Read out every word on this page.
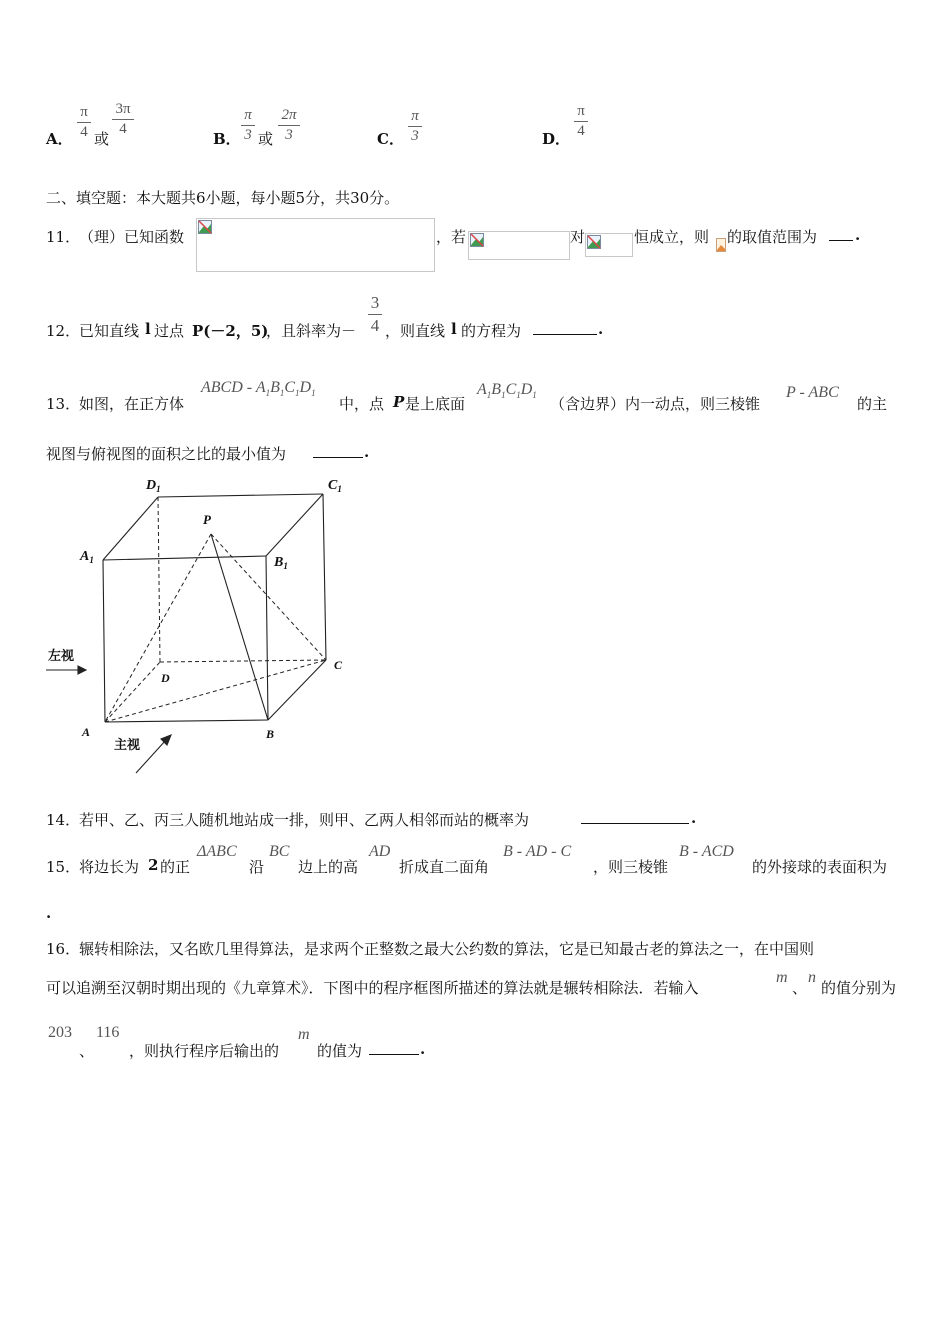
A．
π
4 或
3π
4
B．
π
3 或
2π
3	C．
π
3	D．
π
4
二、填空题：本大题共6小题，每小题5分，共30分。
11．
（理）已知函数	，若	对	恒成立，则 的取值范围为	.
12．
已知直线 l 过点 P(－2，5)
，且斜率为－
3
4 ，则直线 l 的方程为	.
13．
如图，在正方体
ABCD - $A_1B_1C_1D_1$
中，点 P 是上底面
$A_1B_1C_1D_1$ （含边界）内一动点，则三棱锥
P - ABC
的主
视图与俯视图的面积之比的最小值为	.
$D_1$	$C_1$
$A_1$	$B_1$
P
D
C
A	B
左视
主视
14．
若甲、乙、丙三人随机地站成一排，则甲、乙两人相邻而站的概率为	.
15．
将边长为 2 的正
ΔABC
沿
BC
边上的高
AD
折成直二面角
B - AD - C
，则三棱锥
B - ACD
的外接球的表面积为
.
16．
辗转相除法，又名欧几里得算法，是求两个正整数之最大公约数的算法，它是已知最古老的算法之一，在中国则
可以追溯至汉朝时期出现的《九章算术》．下图中的程序框图所描述的算法就是辗转相除法．若输入
m
、
n
的值分别为
203
、
116
，则执行程序后输出的
m
的值为	.
